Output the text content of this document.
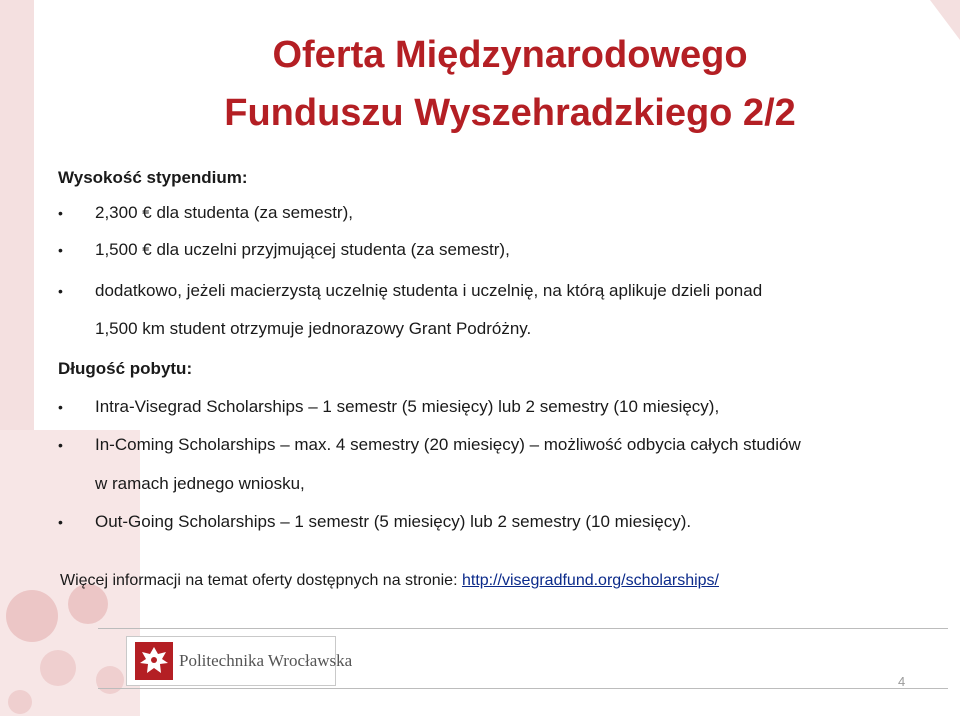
Oferta Międzynarodowego
Funduszu Wyszehradzkiego 2/2
Wysokość stypendium:
• 2,300 € dla studenta (za semestr),
• 1,500 € dla uczelni przyjmującej studenta (za semestr),
• dodatkowo, jeżeli macierzystą uczelnię studenta i uczelnię, na którą aplikuje dzieli ponad
1,500 km student otrzymuje jednorazowy Grant Podróżny.
Długość pobytu:
• Intra-Visegrad Scholarships – 1 semestr (5 miesięcy) lub 2 semestry (10 miesięcy),
• In-Coming Scholarships – max. 4 semestry (20 miesięcy) – możliwość odbycia całych studiów
w ramach jednego wniosku,
• Out-Going Scholarships – 1 semestr (5 miesięcy) lub 2 semestry (10 miesięcy).
Więcej informacji na temat oferty dostępnych na stronie: http://visegradfund.org/scholarships/
Politechnika Wrocławska
4
